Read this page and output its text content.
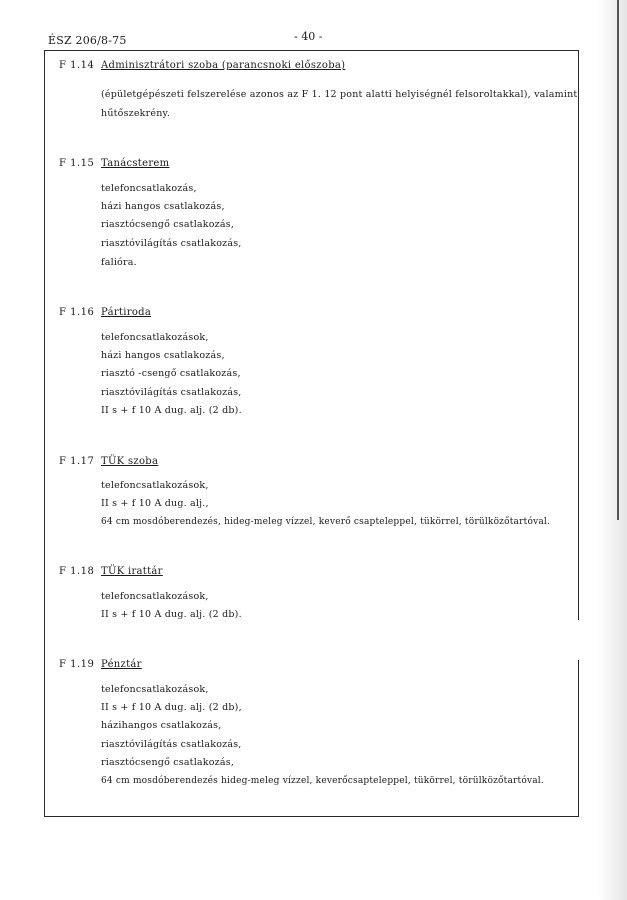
ÉSZ 206/8-75	- 40 -
F 1.14 Adminisztrátori szoba (parancsnoki előszoba)
(épületgépészeti felszerelése azonos az F 1. 12 pont alatti helyiségnél felsoroltakkal), valamint
hűtőszekrény.
F 1.15 Tanácsterem
telefoncsatlakozás,
házi hangos csatlakozás,
riasztócsengő csatlakozás,
riasztóvilágítás csatlakozás,
falióra.
F 1.16 Pártiroda
telefoncsatlakozások,
házi hangos csatlakozás,
riasztó -csengő csatlakozás,
riasztóvilágítás csatlakozás,
II s + f 10 A dug. alj. (2 db).
F 1.17 TÜK szoba
telefoncsatlakozások,
II s + f 10 A dug. alj.,
64 cm mosdóberendezés, hideg-meleg vízzel, keverő csapteleppel, tükörrel, törülközőtartóval.
F 1.18 TÜK irattár
telefoncsatlakozások,
II s + f 10 A dug. alj. (2 db).
F 1.19 Pénztár
telefoncsatlakozások,
II s + f 10 A dug. alj. (2 db),
házihangos csatlakozás,
riasztóvilágítás csatlakozás,
riasztócsengő csatlakozás,
64 cm mosdóberendezés hideg-meleg vízzel, keverőcsapteleppel, tükörrel, törülközőtartóval.
